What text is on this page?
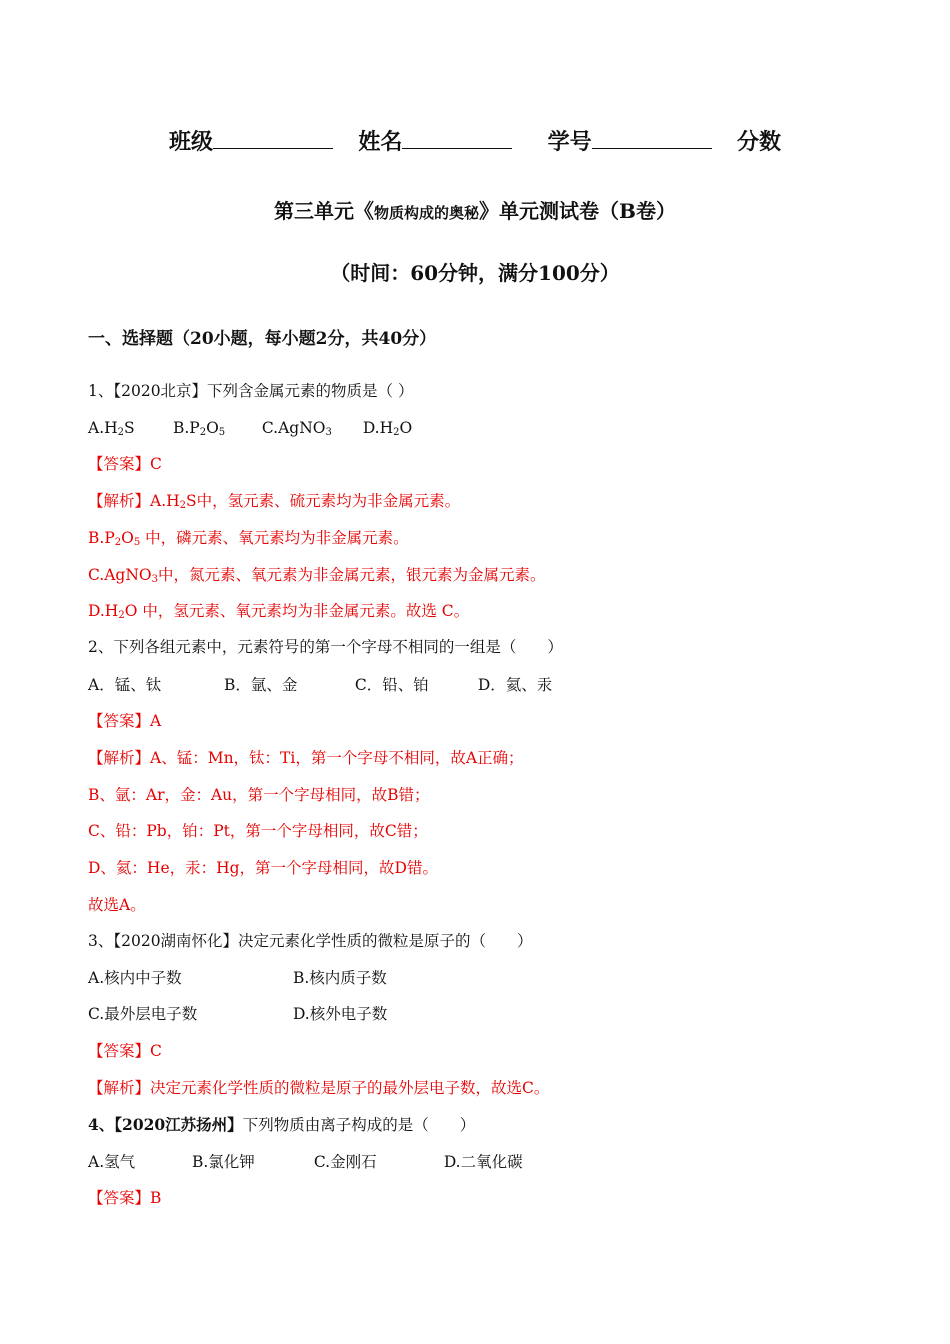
班级	姓名	学号	分数
第三单元《物质构成的奥秘》单元测试卷（B卷）
（时间：60分钟，满分100分）
一、选择题（20小题，每小题2分，共40分）
1、【2020北京】下列含金属元素的物质是（ ）
$A.H_2S$ $B.P_2O_5$ C.AgNO$_3$ $D.H_2O$
【答案】C
【解析】$A.H_2S$中，氢元素、硫元素均为非金属元素。
$B.P_2O_5$ 中，磷元素、氧元素均为非金属元素。
C.AgNO$_3$中，氮元素、氧元素为非金属元素，银元素为金属元素。
$D.H_2O$ 中，氢元素、氧元素均为非金属元素。故选 C。
2、下列各组元素中，元素符号的第一个字母不相同的一组是（　　）
A．锰、钛	B．氩、金	C．铅、铂	D．氦、汞
【答案】A
【解析】A、锰：Mn，钛：Ti，第一个字母不相同，故A正确；
B、氩：Ar，金：Au，第一个字母相同，故B错；
C、铅：Pb，铂：Pt，第一个字母相同，故C错；
D、氦：He，汞：Hg，第一个字母相同，故D错。
故选A。
3、【2020湖南怀化】决定元素化学性质的微粒是原子的（　　）
A.核内中子数	B.核内质子数
C.最外层电子数	D.核外电子数
【答案】C
【解析】决定元素化学性质的微粒是原子的最外层电子数，故选C。
4、【2020江苏扬州】下列物质由离子构成的是（　　）
A.氢气	B.氯化钾	C.金刚石	D.二氧化碳
【答案】B
